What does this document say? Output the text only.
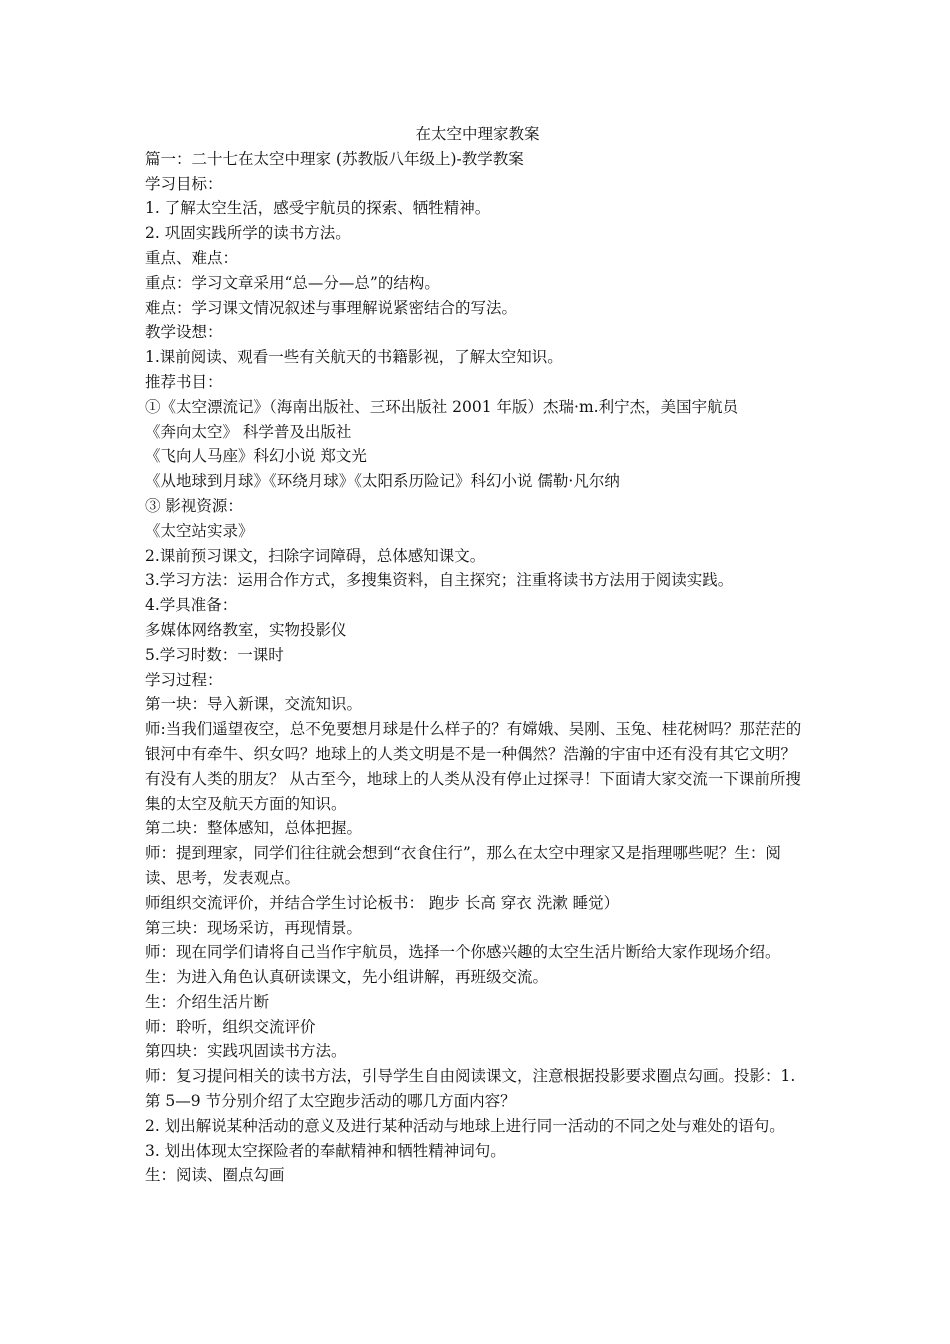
在太空中理家教案

篇一：二十七在太空中理家 (苏教版八年级上)-教学教案

学习目标：

1. 了解太空生活，感受宇航员的探索、牺牲精神。

2. 巩固实践所学的读书方法。

重点、难点：

重点：学习文章采用“总—分—总”的结构。

难点：学习课文情况叙述与事理解说紧密结合的写法。

教学设想：

1.课前阅读、观看一些有关航天的书籍影视，了解太空知识。

推荐书目：

①《太空漂流记》（海南出版社、三环出版社 2001 年版）杰瑞·m.利宁杰，美国宇航员

《奔向太空》 科学普及出版社

《飞向人马座》科幻小说 郑文光

《从地球到月球》《环绕月球》《太阳系历险记》科幻小说 儒勒·凡尔纳

③ 影视资源：

《太空站实录》

2.课前预习课文，扫除字词障碍，总体感知课文。

3.学习方法：运用合作方式，多搜集资料，自主探究；注重将读书方法用于阅读实践。

4.学具准备：

多媒体网络教室，实物投影仪

5.学习时数：一课时

学习过程：

第一块：导入新课，交流知识。

师:当我们遥望夜空，总不免要想月球是什么样子的？有嫦娥、吴刚、玉兔、桂花树吗？那茫茫的银河中有牵牛、织女吗？地球上的人类文明是不是一种偶然？浩瀚的宇宙中还有没有其它文明？有没有人类的朋友？ 从古至今，地球上的人类从没有停止过探寻！下面请大家交流一下课前所搜集的太空及航天方面的知识。

第二块：整体感知，总体把握。

师：提到理家，同学们往往就会想到“衣食住行”，那么在太空中理家又是指理哪些呢？生：阅读、思考，发表观点。

师组织交流评价，并结合学生讨论板书： 跑步 长高 穿衣 洗漱 睡觉）

第三块：现场采访，再现情景。

师：现在同学们请将自己当作宇航员，选择一个你感兴趣的太空生活片断给大家作现场介绍。 生：为进入角色认真研读课文，先小组讲解，再班级交流。

生：介绍生活片断

师：聆听，组织交流评价

第四块：实践巩固读书方法。

师：复习提问相关的读书方法，引导学生自由阅读课文，注意根据投影要求圈点勾画。投影：1.第 5—9 节分别介绍了太空跑步活动的哪几方面内容？

2. 划出解说某种活动的意义及进行某种活动与地球上进行同一活动的不同之处与难处的语句。

3. 划出体现太空探险者的奉献精神和牺牲精神词句。

生：阅读、圈点勾画
